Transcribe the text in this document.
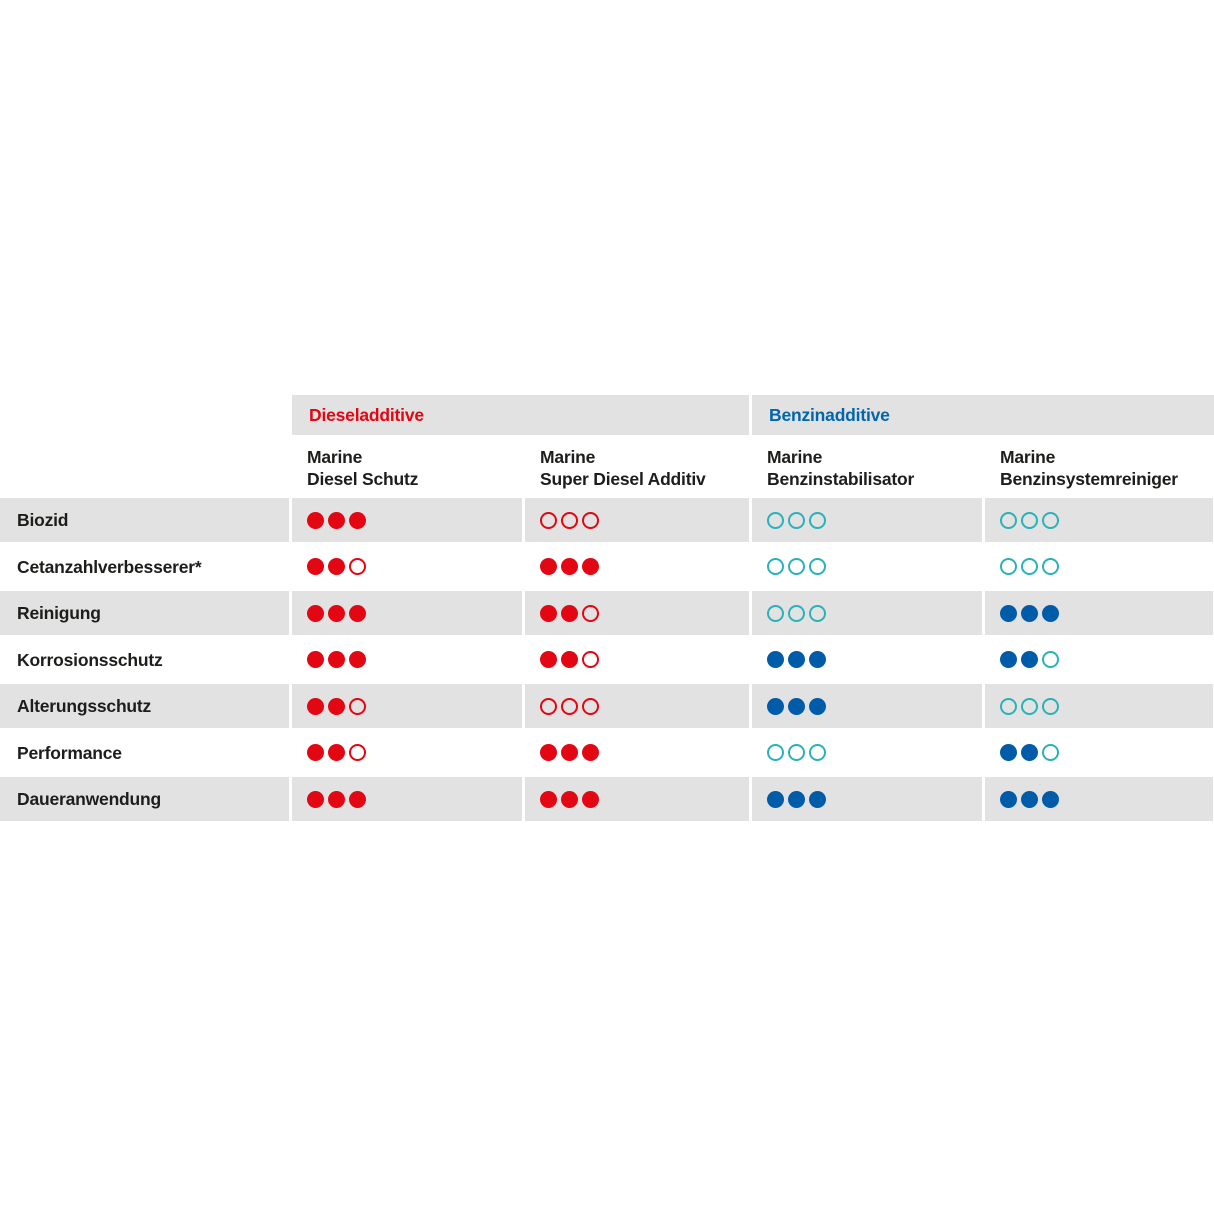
Dieseladditive	Benzinadditive
Marine
Diesel Schutz
Marine
Super Diesel Additiv
Marine
Benzinstabilisator
Marine
Benzinsystemreiniger
Biozid
Cetanzahlverbesserer*
Reinigung
Korrosionsschutz
Alterungsschutz
Performance
Daueranwendung
